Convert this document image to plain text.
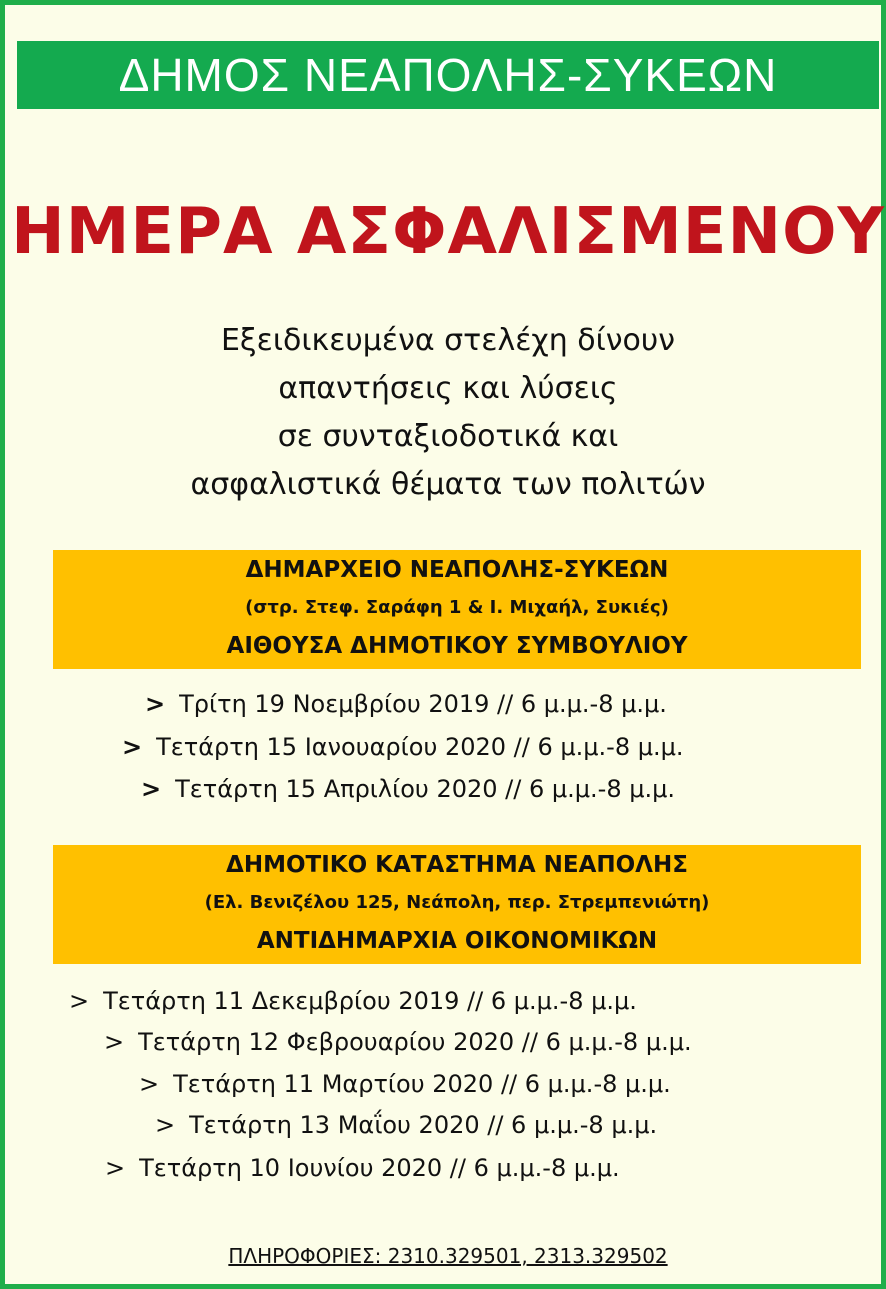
ΔΗΜΟΣ ΝΕΑΠΟΛΗΣ-ΣΥΚΕΩΝ
ΗΜΕΡΑ ΑΣΦΑΛΙΣΜΕΝΟΥ
Εξειδικευμένα στελέχη δίνουν
απαντήσεις και λύσεις
σε συνταξιοδοτικά και
ασφαλιστικά θέματα των πολιτών
ΔΗΜΑΡΧΕΙΟ ΝΕΑΠΟΛΗΣ-ΣΥΚΕΩΝ
(στρ. Στεφ. Σαράφη 1 & Ι. Μιχαήλ, Συκιές)
ΑΙΘΟΥΣΑ ΔΗΜΟΤΙΚΟΥ ΣΥΜΒΟΥΛΙΟΥ
> Τρίτη 19 Νοεμβρίου 2019 // 6 μ.μ.-8 μ.μ.
> Τετάρτη 15 Ιανουαρίου 2020 // 6 μ.μ.-8 μ.μ.
> Τετάρτη 15 Απριλίου 2020 // 6 μ.μ.-8 μ.μ.
ΔΗΜΟΤΙΚΟ ΚΑΤΑΣΤΗΜΑ ΝΕΑΠΟΛΗΣ
(Ελ. Βενιζέλου 125, Νεάπολη, περ. Στρεμπενιώτη)
ΑΝΤΙΔΗΜΑΡΧΙΑ ΟΙΚΟΝΟΜΙΚΩΝ
> Τετάρτη 11 Δεκεμβρίου 2019 // 6 μ.μ.-8 μ.μ.
> Τετάρτη 12 Φεβρουαρίου 2020 // 6 μ.μ.-8 μ.μ.
> Τετάρτη 11 Μαρτίου 2020 // 6 μ.μ.-8 μ.μ.
> Τετάρτη 13 Μαΐου 2020 // 6 μ.μ.-8 μ.μ.
> Τετάρτη 10 Ιουνίου 2020 // 6 μ.μ.-8 μ.μ.
ΠΛΗΡΟΦΟΡΙΕΣ: 2310.329501, 2313.329502
